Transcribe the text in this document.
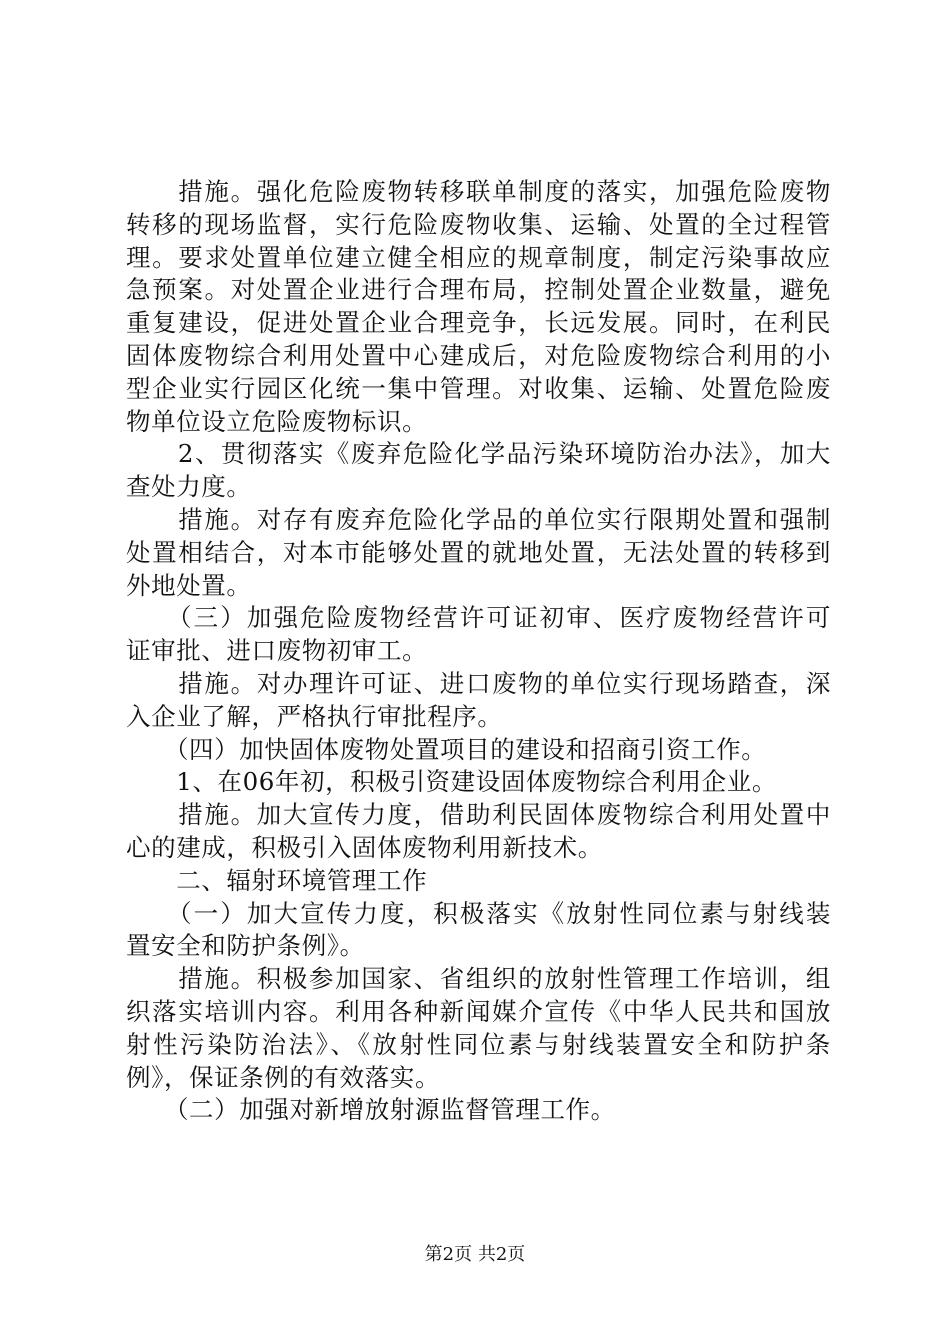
　　措施。强化危险废物转移联单制度的落实，加强危险废物
转移的现场监督，实行危险废物收集、运输、处置的全过程管
理。要求处置单位建立健全相应的规章制度，制定污染事故应
急预案。对处置企业进行合理布局，控制处置企业数量，避免
重复建设，促进处置企业合理竞争，长远发展。同时，在利民
固体废物综合利用处置中心建成后，对危险废物综合利用的小
型企业实行园区化统一集中管理。对收集、运输、处置危险废
物单位设立危险废物标识。
　　2、贯彻落实《废弃危险化学品污染环境防治办法》，加大
查处力度。
　　措施。对存有废弃危险化学品的单位实行限期处置和强制
处置相结合，对本市能够处置的就地处置，无法处置的转移到
外地处置。
　　（三）加强危险废物经营许可证初审、医疗废物经营许可
证审批、进口废物初审工。
　　措施。对办理许可证、进口废物的单位实行现场踏查，深
入企业了解，严格执行审批程序。
　　（四）加快固体废物处置项目的建设和招商引资工作。
　　1、在06年初，积极引资建设固体废物综合利用企业。
　　措施。加大宣传力度，借助利民固体废物综合利用处置中
心的建成，积极引入固体废物利用新技术。
　　二、辐射环境管理工作
　　（一）加大宣传力度，积极落实《放射性同位素与射线装
置安全和防护条例》。
　　措施。积极参加国家、省组织的放射性管理工作培训，组
织落实培训内容。利用各种新闻媒介宣传《中华人民共和国放
射性污染防治法》、《放射性同位素与射线装置安全和防护条
例》，保证条例的有效落实。
　　（二）加强对新增放射源监督管理工作。
第2页 共2页
